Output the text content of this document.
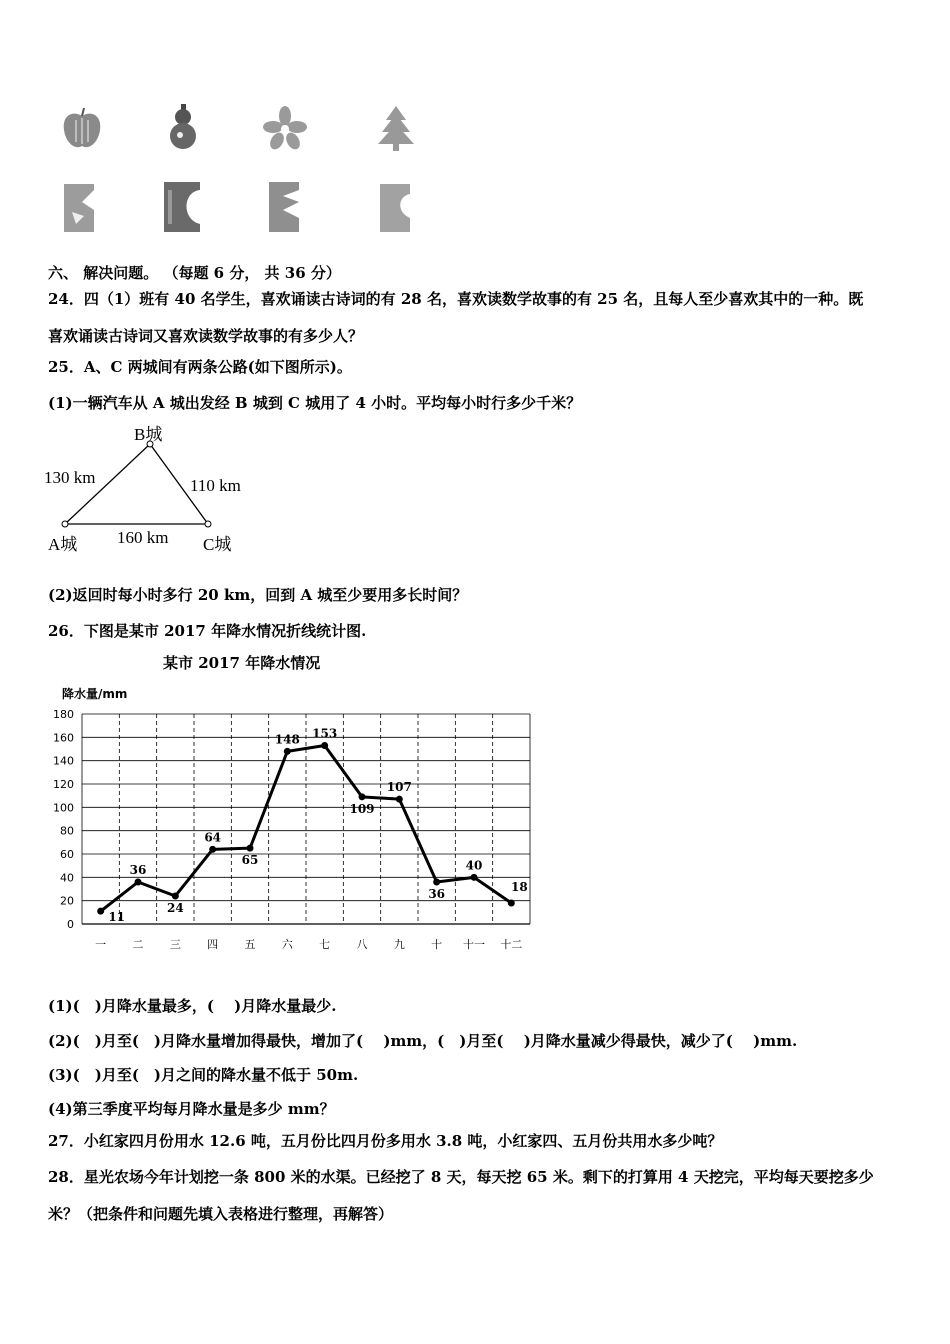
六、 解决问题。 （每题 6 分， 共 36 分）
24．四（1）班有 40 名学生，喜欢诵读古诗词的有 28 名，喜欢读数学故事的有 25 名，且每人至少喜欢其中的一种。既
喜欢诵读古诗词又喜欢读数学故事的有多少人？
25．A、C 两城间有两条公路(如下图所示)。
(1)一辆汽车从 A 城出发经 B 城到 C 城用了 4 小时。平均每小时行多少千米？
B城
130 km	110 km
A城 160 km C城
(2)返回时每小时多行 20 km，回到 A 城至少要用多长时间？
26．下图是某市 2017 年降水情况折线统计图.
某市 2017 年降水情况
降水量/mm
0
20
40
60
80
100
120
140
160
180
一 二 三 四 五 六 七 八 九 十 十一 十二
11
36
24
64
65
148 153
109
107
36
40
18
(1)(　)月降水量最多，(　 )月降水量最少.
(2)(　)月至(　)月降水量增加得最快，增加了(　 )mm，(　)月至(　 )月降水量减少得最快，减少了(　 )mm.
(3)(　)月至(　)月之间的降水量不低于 50m.
(4)第三季度平均每月降水量是多少 mm？
27．小红家四月份用水 12.6 吨，五月份比四月份多用水 3.8 吨，小红家四、五月份共用水多少吨？
28．星光农场今年计划挖一条 800 米的水渠。已经挖了 8 天，每天挖 65 米。剩下的打算用 4 天挖完，平均每天要挖多少
米？（把条件和问题先填入表格进行整理，再解答）
